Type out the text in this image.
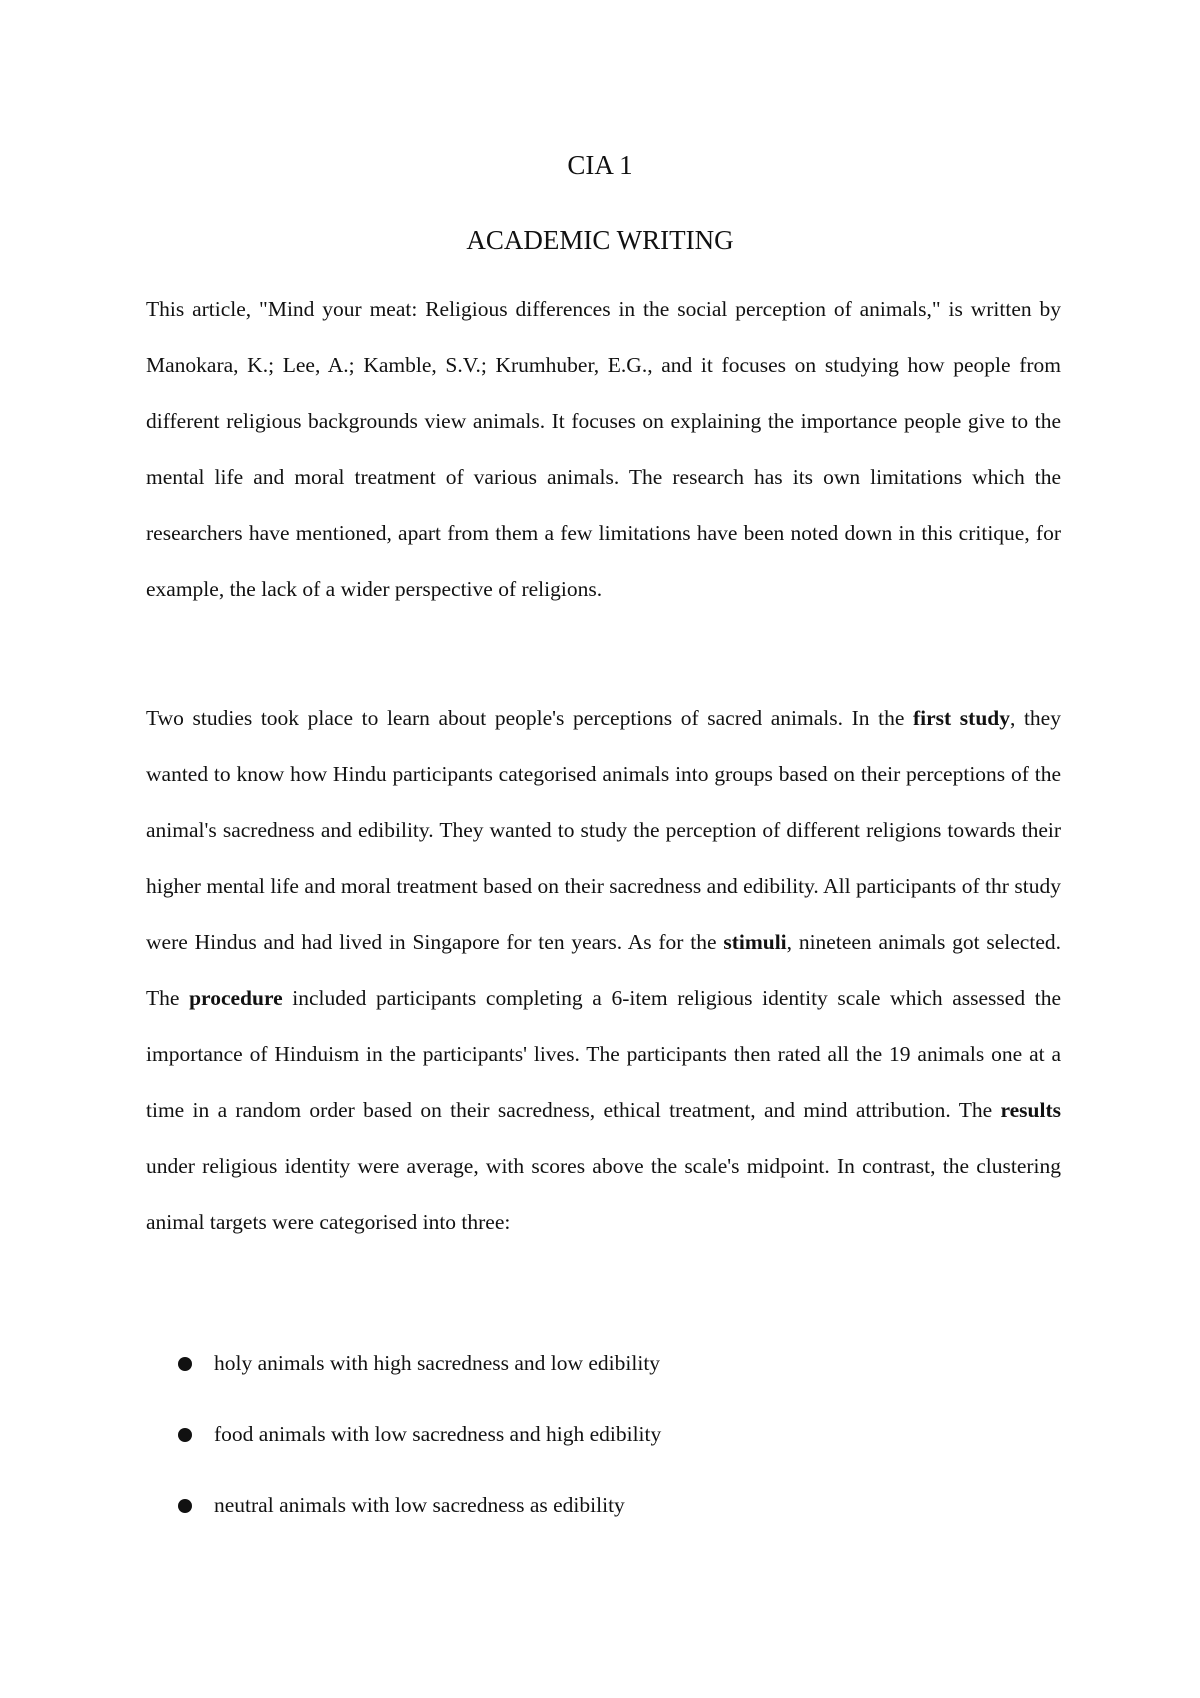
CIA 1
ACADEMIC WRITING

This article, "Mind your meat: Religious differences in the social perception of animals," is written by Manokara, K.; Lee, A.; Kamble, S.V.; Krumhuber, E.G., and it focuses on studying how people from different religious backgrounds view animals. It focuses on explaining the importance people give to the mental life and moral treatment of various animals. The research has its own limitations which the researchers have mentioned, apart from them a few limitations have been noted down in this critique, for example, the lack of a wider perspective of religions.

Two studies took place to learn about people's perceptions of sacred animals. In the first study, they wanted to know how Hindu participants categorised animals into groups based on their perceptions of the animal's sacredness and edibility. They wanted to study the perception of different religions towards their higher mental life and moral treatment based on their sacredness and edibility. All participants of thr study were Hindus and had lived in Singapore for ten years. As for the stimuli, nineteen animals got selected. The procedure included participants completing a 6-item religious identity scale which assessed the importance of Hinduism in the participants' lives. The participants then rated all the 19 animals one at a time in a random order based on their sacredness, ethical treatment, and mind attribution. The results under religious identity were average, with scores above the scale's midpoint. In contrast, the clustering animal targets were categorised into three:

holy animals with high sacredness and low edibility
food animals with low sacredness and high edibility
neutral animals with low sacredness as edibility
